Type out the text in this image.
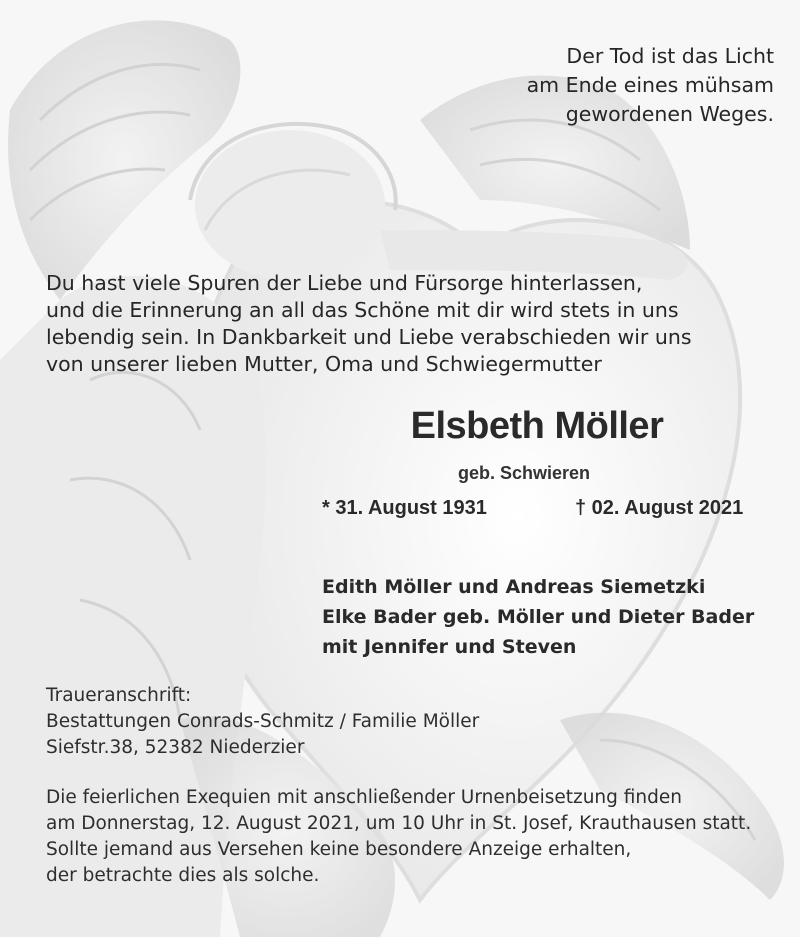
Der Tod ist das Licht
am Ende eines mühsam
gewordenen Weges.
Du hast viele Spuren der Liebe und Fürsorge hinterlassen,
und die Erinnerung an all das Schöne mit dir wird stets in uns
lebendig sein. In Dankbarkeit und Liebe verabschieden wir uns
von unserer lieben Mutter, Oma und Schwiegermutter
Elsbeth Möller
geb. Schwieren
* 31. August 1931	† 02. August 2021
Edith Möller und Andreas Siemetzki
Elke Bader geb. Möller und Dieter Bader
mit Jennifer und Steven
Traueranschrift:
Bestattungen Conrads-Schmitz / Familie Möller
Siefstr.38, 52382 Niederzier
Die feierlichen Exequien mit anschließender Urnenbeisetzung finden
am Donnerstag, 12. August 2021, um 10 Uhr in St. Josef, Krauthausen statt.
Sollte jemand aus Versehen keine besondere Anzeige erhalten,
der betrachte dies als solche.
